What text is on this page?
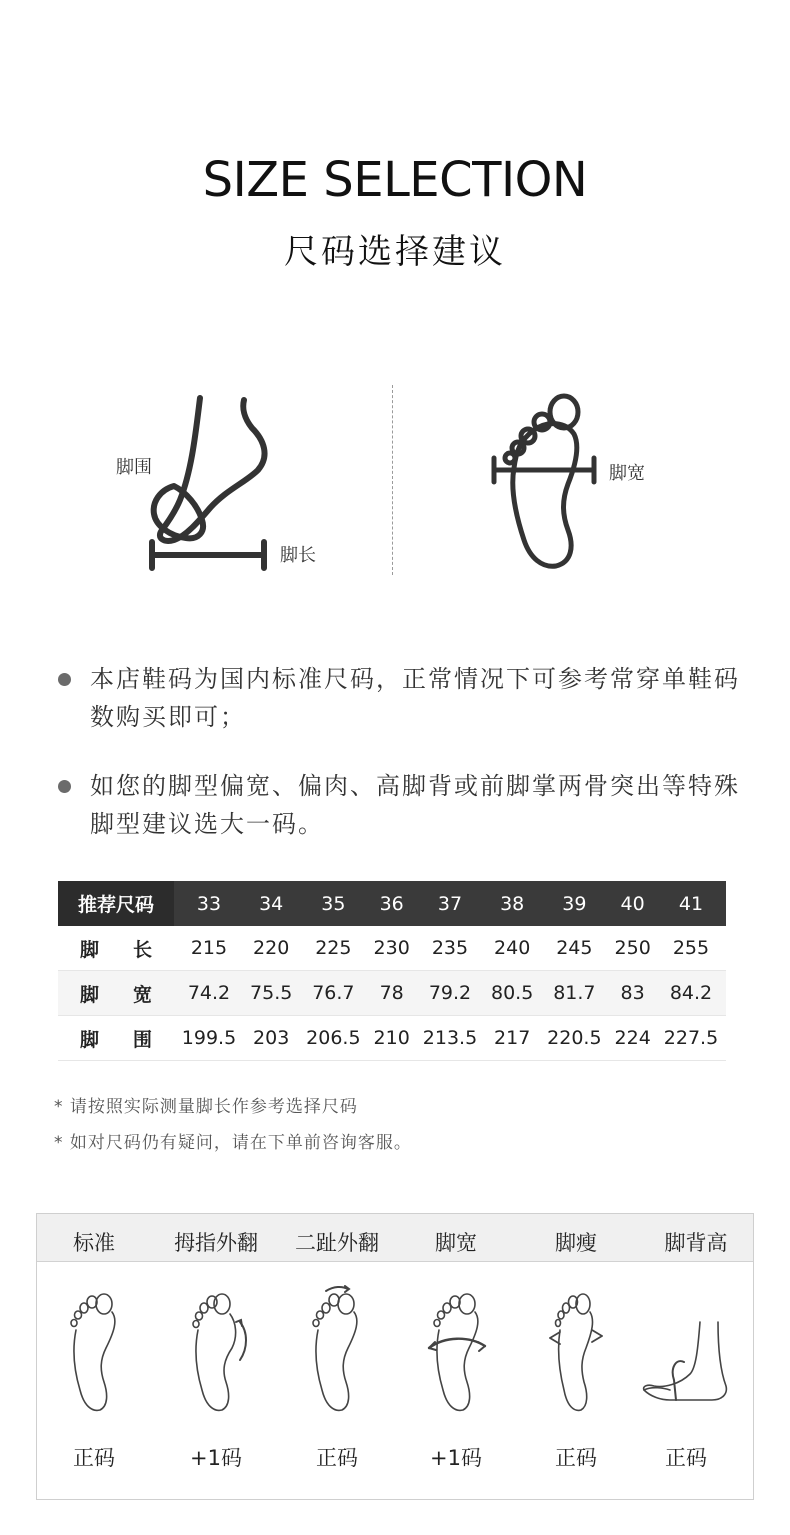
SIZE SELECTION
尺码选择建议
脚围
脚长
脚宽
本店鞋码为国内标准尺码，正常情况下可参考常穿单鞋码数购买即可；
如您的脚型偏宽、偏肉、高脚背或前脚掌两骨突出等特殊脚型建议选大一码。
推荐尺码	33	34	35	36	37	38	39	40	41
脚 长	215	220	225	230	235	240	245	250	255
脚 宽	74.2	75.5	76.7	78	79.2	80.5	81.7	83	84.2
脚 围	199.5	203	206.5	210	213.5	217	220.5	224	227.5
* 请按照实际测量脚长作参考选择尺码
* 如对尺码仍有疑问，请在下单前咨询客服。
标准	拇指外翻	二趾外翻	脚宽	脚瘦	脚背高
正码	+1码	正码	+1码	正码	正码
